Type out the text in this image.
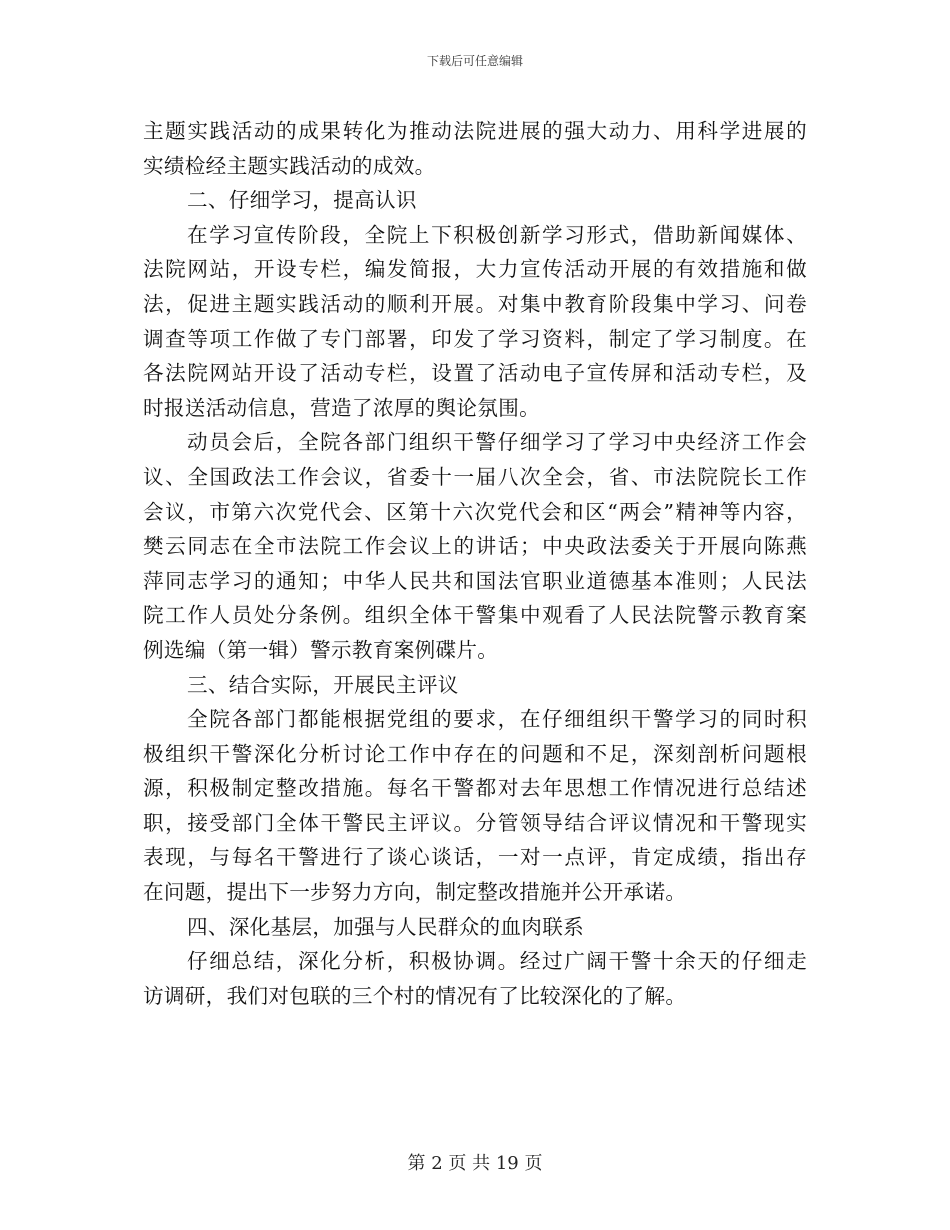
下载后可任意编辑
主题实践活动的成果转化为推动法院进展的强大动力、用科学进展的
实绩检经主题实践活动的成效。
二、仔细学习，提高认识
在学习宣传阶段，全院上下积极创新学习形式，借助新闻媒体、
法院网站，开设专栏，编发简报，大力宣传活动开展的有效措施和做
法，促进主题实践活动的顺利开展。对集中教育阶段集中学习、问卷
调查等项工作做了专门部署，印发了学习资料，制定了学习制度。在
各法院网站开设了活动专栏，设置了活动电子宣传屏和活动专栏，及
时报送活动信息，营造了浓厚的舆论氛围。
动员会后，全院各部门组织干警仔细学习了学习中央经济工作会
议、全国政法工作会议，省委十一届八次全会，省、市法院院长工作
会议，市第六次党代会、区第十六次党代会和区“两会”精神等内容，
樊云同志在全市法院工作会议上的讲话；中央政法委关于开展向陈燕
萍同志学习的通知；中华人民共和国法官职业道德基本准则；人民法
院工作人员处分条例。组织全体干警集中观看了人民法院警示教育案
例选编（第一辑）警示教育案例碟片。
三、结合实际，开展民主评议
全院各部门都能根据党组的要求，在仔细组织干警学习的同时积
极组织干警深化分析讨论工作中存在的问题和不足，深刻剖析问题根
源，积极制定整改措施。每名干警都对去年思想工作情况进行总结述
职，接受部门全体干警民主评议。分管领导结合评议情况和干警现实
表现，与每名干警进行了谈心谈话，一对一点评，肯定成绩，指出存
在问题，提出下一步努力方向，制定整改措施并公开承诺。
四、深化基层，加强与人民群众的血肉联系
仔细总结，深化分析，积极协调。经过广阔干警十余天的仔细走
访调研，我们对包联的三个村的情况有了比较深化的了解。
第 2 页 共 19 页
